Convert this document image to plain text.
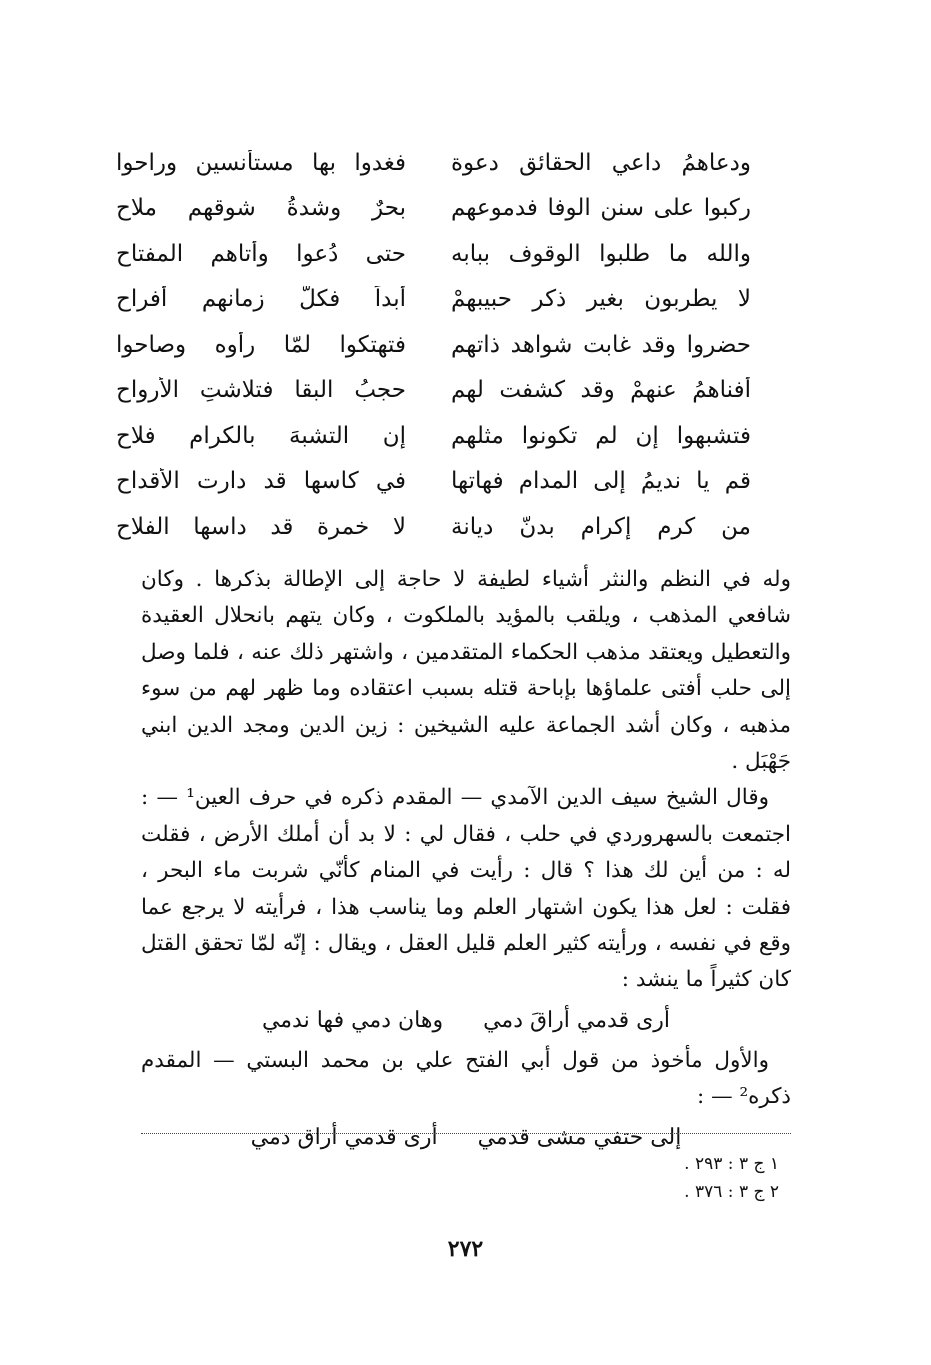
ودعاهمُ داعي الحقائق دعوة
فغدوا بها مستأنسين وراحوا
ركبوا على سنن الوفا فدموعهم
بحرٌ وشدةُ شوقهم ملاح
والله ما طلبوا الوقوف ببابه
حتى دُعوا وأتاهم المفتاح
لا يطربون بغير ذكر حبيبهمْ
أبداً فكلُّ زمانهم أفراح
حضروا وقد غابت شواهد ذاتهم
فتهتكوا لمّا رأوه وصاحوا
أفناهمُ عنهمْ وقد كشفت لهم
حجبُ البقا فتلاشتِ الأرواح
فتشبهوا إن لم تكونوا مثلهم
إن التشبهَ بالكرام فلاح
قم يا نديمُ إلى المدام فهاتها
في كاسها قد دارت الأقداح
من كرمِ إكرام بدنّ ديانة
لا خمرة قد داسها الفلاح

وله في النظم والنثر أشياء لطيفة لا حاجة إلى الإطالة بذكرها . وكان شافعي المذهب ، ويلقب بالمؤيد بالملكوت ، وكان يتهم بانحلال العقيدة والتعطيل ويعتقد مذهب الحكماء المتقدمين ، واشتهر ذلك عنه ، فلما وصل إلى حلب أفتى علماؤها بإباحة قتله بسبب اعتقاده وما ظهر لهم من سوء مذهبه ، وكان أشد الجماعة عليه الشيخين : زين الدين ومجد الدين ابني جَهْبَل .

وقال الشيخ سيف الدين الآمدي — المقدم ذكره في حرف العين¹ — : اجتمعت بالسهروردي في حلب ، فقال لي : لا بد أن أملك الأرض ، فقلت له : من أين لك هذا ؟ قال : رأيت في المنام كأنّي شربت ماء البحر ، فقلت : لعل هذا يكون اشتهار العلم وما يناسب هذا ، فرأيته لا يرجع عما وقع في نفسه ، ورأيته كثير العلم قليل العقل ، ويقال : إنّه لمّا تحقق القتل كان كثيراً ما ينشد :

أرى قدمي أراقَ دميوهان دمي فها ندمي

والأول مأخوذ من قول أبي الفتح علي بن محمد البستي — المقدم ذكره² — :

إلى حتفي مشى قدميأرى قدمي أراق دمي
١ ج ٣ : ٢٩٣ .
٢ ج ٣ : ٣٧٦ .
٢٧٢
